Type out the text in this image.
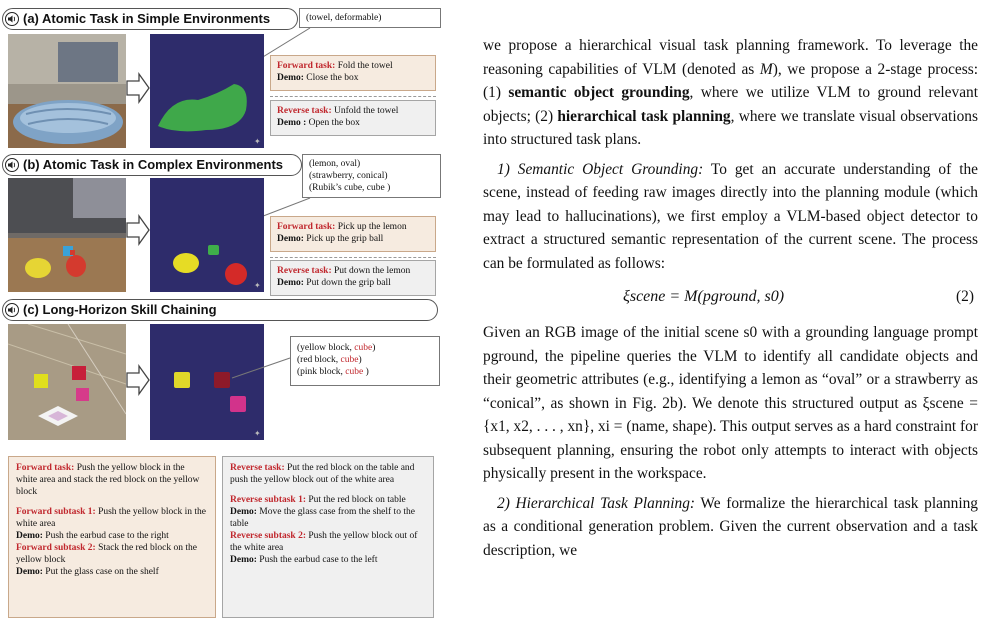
(a) Atomic Task in Simple Environments	(towel, deformable)
✦
Forward task: Fold the towel
Demo: Close the box
Reverse task: Unfold the towel
Demo : Open the box
(b) Atomic Task in Complex Environments	(lemon, oval)
(strawberry, conical)
(Rubik’s cube, cube )
✦
Forward task: Pick up the lemon
Demo: Pick up the grip ball
Reverse task: Put down the lemon
Demo: Put down the grip ball
(c) Long-Horizon Skill Chaining
✦
(yellow block, cube)
(red block, cube)
(pink block, cube )
Forward task: Push the yellow block in the white area and stack the red block on the yellow block
Forward subtask 1: Push the yellow block in the white area
Demo: Push the earbud case to the right
Forward subtask 2: Stack the red block on the yellow block
Demo: Put the glass case on the shelf
Reverse task: Put the red block on the table and push the yellow block out of the white area
Reverse subtask 1: Put the red block on table
Demo: Move the glass case from the shelf to the table
Reverse subtask 2: Push the yellow block out of the white area
Demo: Push the earbud case to the left

we propose a hierarchical visual task planning framework. To leverage the reasoning capabilities of VLM (denoted as M), we propose a 2-stage process: (1) semantic object grounding, where we utilize VLM to ground relevant objects; (2) hierarchical task planning, where we translate visual observations into structured task plans.

1) Semantic Object Grounding: To get an accurate understanding of the scene, instead of feeding raw images directly into the planning module (which may lead to hallucinations), we first employ a VLM-based object detector to extract a structured semantic representation of the current scene. The process can be formulated as follows:

ξscene = M(pground, s0)	(2)

Given an RGB image of the initial scene s0 with a grounding language prompt pground, the pipeline queries the VLM to identify all candidate objects and their geometric attributes (e.g., identifying a lemon as “oval” or a strawberry as “conical”, as shown in Fig. 2b). We denote this structured output as ξscene = {x1, x2, . . . , xn}, xi = (name, shape). This output serves as a hard constraint for subsequent planning, ensuring the robot only attempts to interact with objects physically present in the workspace.

2) Hierarchical Task Planning: We formalize the hierarchical task planning as a conditional generation problem. Given the current observation and a task description, we
